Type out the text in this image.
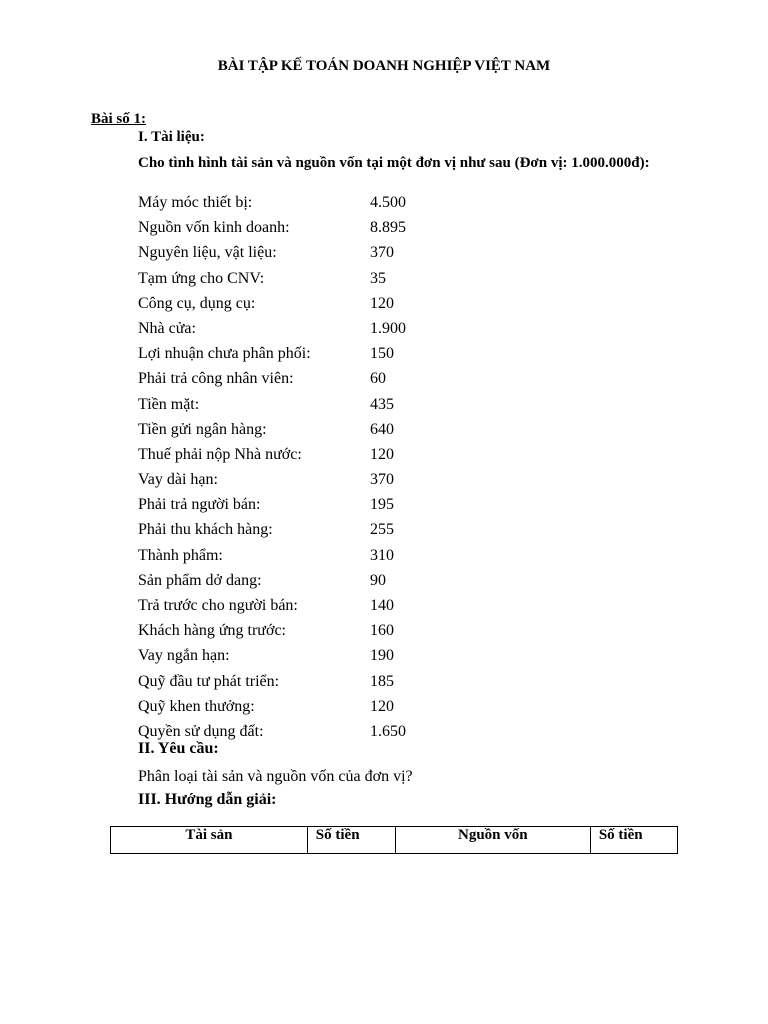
BÀI TẬP KẾ TOÁN DOANH NGHIỆP VIỆT NAM
Bài số 1:
I. Tài liệu:
Cho tình hình tài sản và nguồn vốn tại một đơn vị như sau (Đơn vị: 1.000.000đ):
Máy móc thiết bị:	4.500
Nguồn vốn kinh doanh:	8.895
Nguyên liệu, vật liệu:	370
Tạm ứng cho CNV:	35
Công cụ, dụng cụ:	120
Nhà cửa:	1.900
Lợi nhuận chưa phân phối:	150
Phải trả công nhân viên:	60
Tiền mặt:	435
Tiền gửi ngân hàng:	640
Thuế phải nộp Nhà nước:	120
Vay dài hạn:	370
Phải trả người bán:	195
Phải thu khách hàng:	255
Thành phẩm:	310
Sản phẩm dở dang:	90
Trả trước cho người bán:	140
Khách hàng ứng trước:	160
Vay ngắn hạn:	190
Quỹ đầu tư phát triển:	185
Quỹ khen thưởng:	120
Quyền sử dụng đất:	1.650
II. Yêu cầu:
Phân loại tài sản và nguồn vốn của đơn vị?
III. Hướng dẫn giải:
Tài sản	Số tiền	Nguồn vốn	Số tiền
